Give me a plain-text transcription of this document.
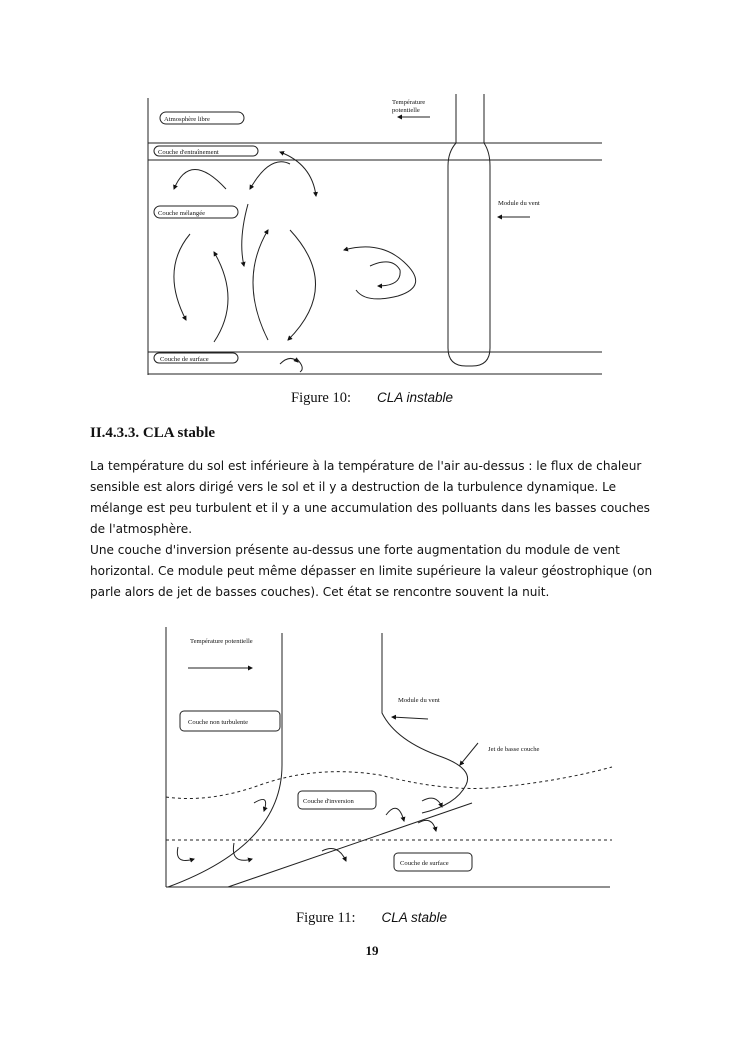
Atmosphère libre
Couche d'entraînement
Couche mélangée
Couche de surface
Température
potentielle
Module du vent
Figure 10: CLA instable
II.4.3.3. CLA stable

La température du sol est inférieure à la température de l'air au-dessus : le flux de chaleur sensible est alors dirigé vers le sol et il y a destruction de la turbulence dynamique. Le mélange est peu turbulent et il y a une accumulation des polluants dans les basses couches de l'atmosphère.

Une couche d'inversion présente au-dessus une forte augmentation du module de vent horizontal. Ce module peut même dépasser en limite supérieure la valeur géostrophique (on parle alors de jet de basses couches). Cet état se rencontre souvent la nuit.

Température potentielle
Couche non turbulente
Module du vent
Jet de basse couche
Couche d'inversion
Couche de surface
Figure 11: CLA stable
19
